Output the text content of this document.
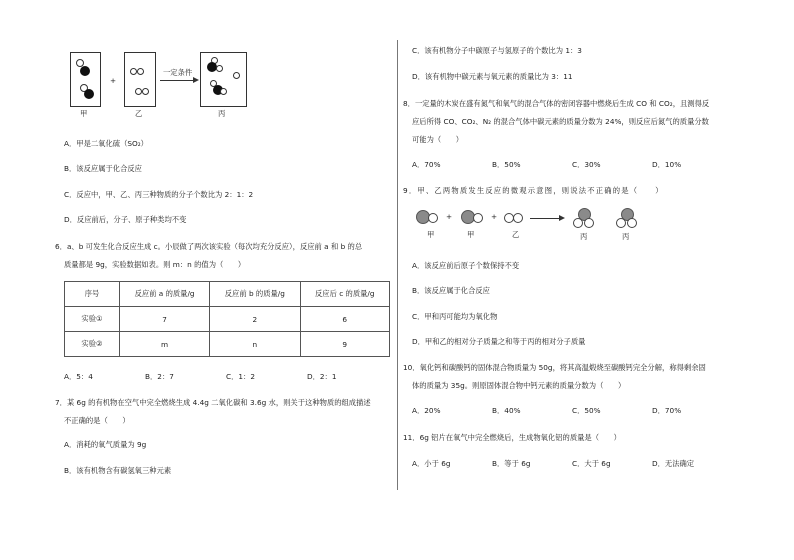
+
一定条件
甲	乙	丙
A．甲是二氧化硫（SO₂）
B．该反应属于化合反应
C．反应中，甲、乙、丙三种物质的分子个数比为 2：1：2
D．反应前后，分子、原子种类均不变
6．a、b 可发生化合反应生成 c。小辰做了两次该实验（每次均充分反应），反应前 a 和 b 的总
质量都是 9g，实验数据如表。则 m：n 的值为（　　）
序号	反应前 a 的质量/g	反应前 b 的质量/g	反应后 c 的质量/g
实验①	7	2	6
实验②	m	n	9
A．5：4	B．2：7	C．1：2	D．2：1
7．某 6g 的有机物在空气中完全燃烧生成 4.4g 二氧化碳和 3.6g 水，则关于这种物质的组成描述
不正确的是（　　）
A．消耗的氧气质量为 9g
B．该有机物含有碳氢氧三种元素
C．该有机物分子中碳原子与氢原子的个数比为 1：3
D．该有机物中碳元素与氧元素的质量比为 3：11
8．一定量的木炭在盛有氮气和氧气的混合气体的密闭容器中燃烧后生成 CO 和 CO₂，且测得反
应后所得 CO、CO₂、N₂ 的混合气体中碳元素的质量分数为 24%，则反应后氮气的质量分数
可能为（　　）
A．70%	B．50%	C．30%	D．10%
9．甲、乙两物质发生反应的微观示意图，则说法不正确的是（　　）
+	+
甲	甲	乙	丙	丙
A．该反应前后原子个数保持不变
B．该反应属于化合反应
C．甲和丙可能均为氧化物
D．甲和乙的相对分子质量之和等于丙的相对分子质量
10．氧化钙和碳酸钙的固体混合物质量为 50g，将其高温煅烧至碳酸钙完全分解，称得剩余固
体的质量为 35g。则原固体混合物中钙元素的质量分数为（　　）
A．20%	B．40%	C．50%	D．70%
11．6g 铝片在氧气中完全燃烧后，生成物氧化铝的质量是（　　）
A．小于 6g	B．等于 6g	C．大于 6g	D．无法确定
